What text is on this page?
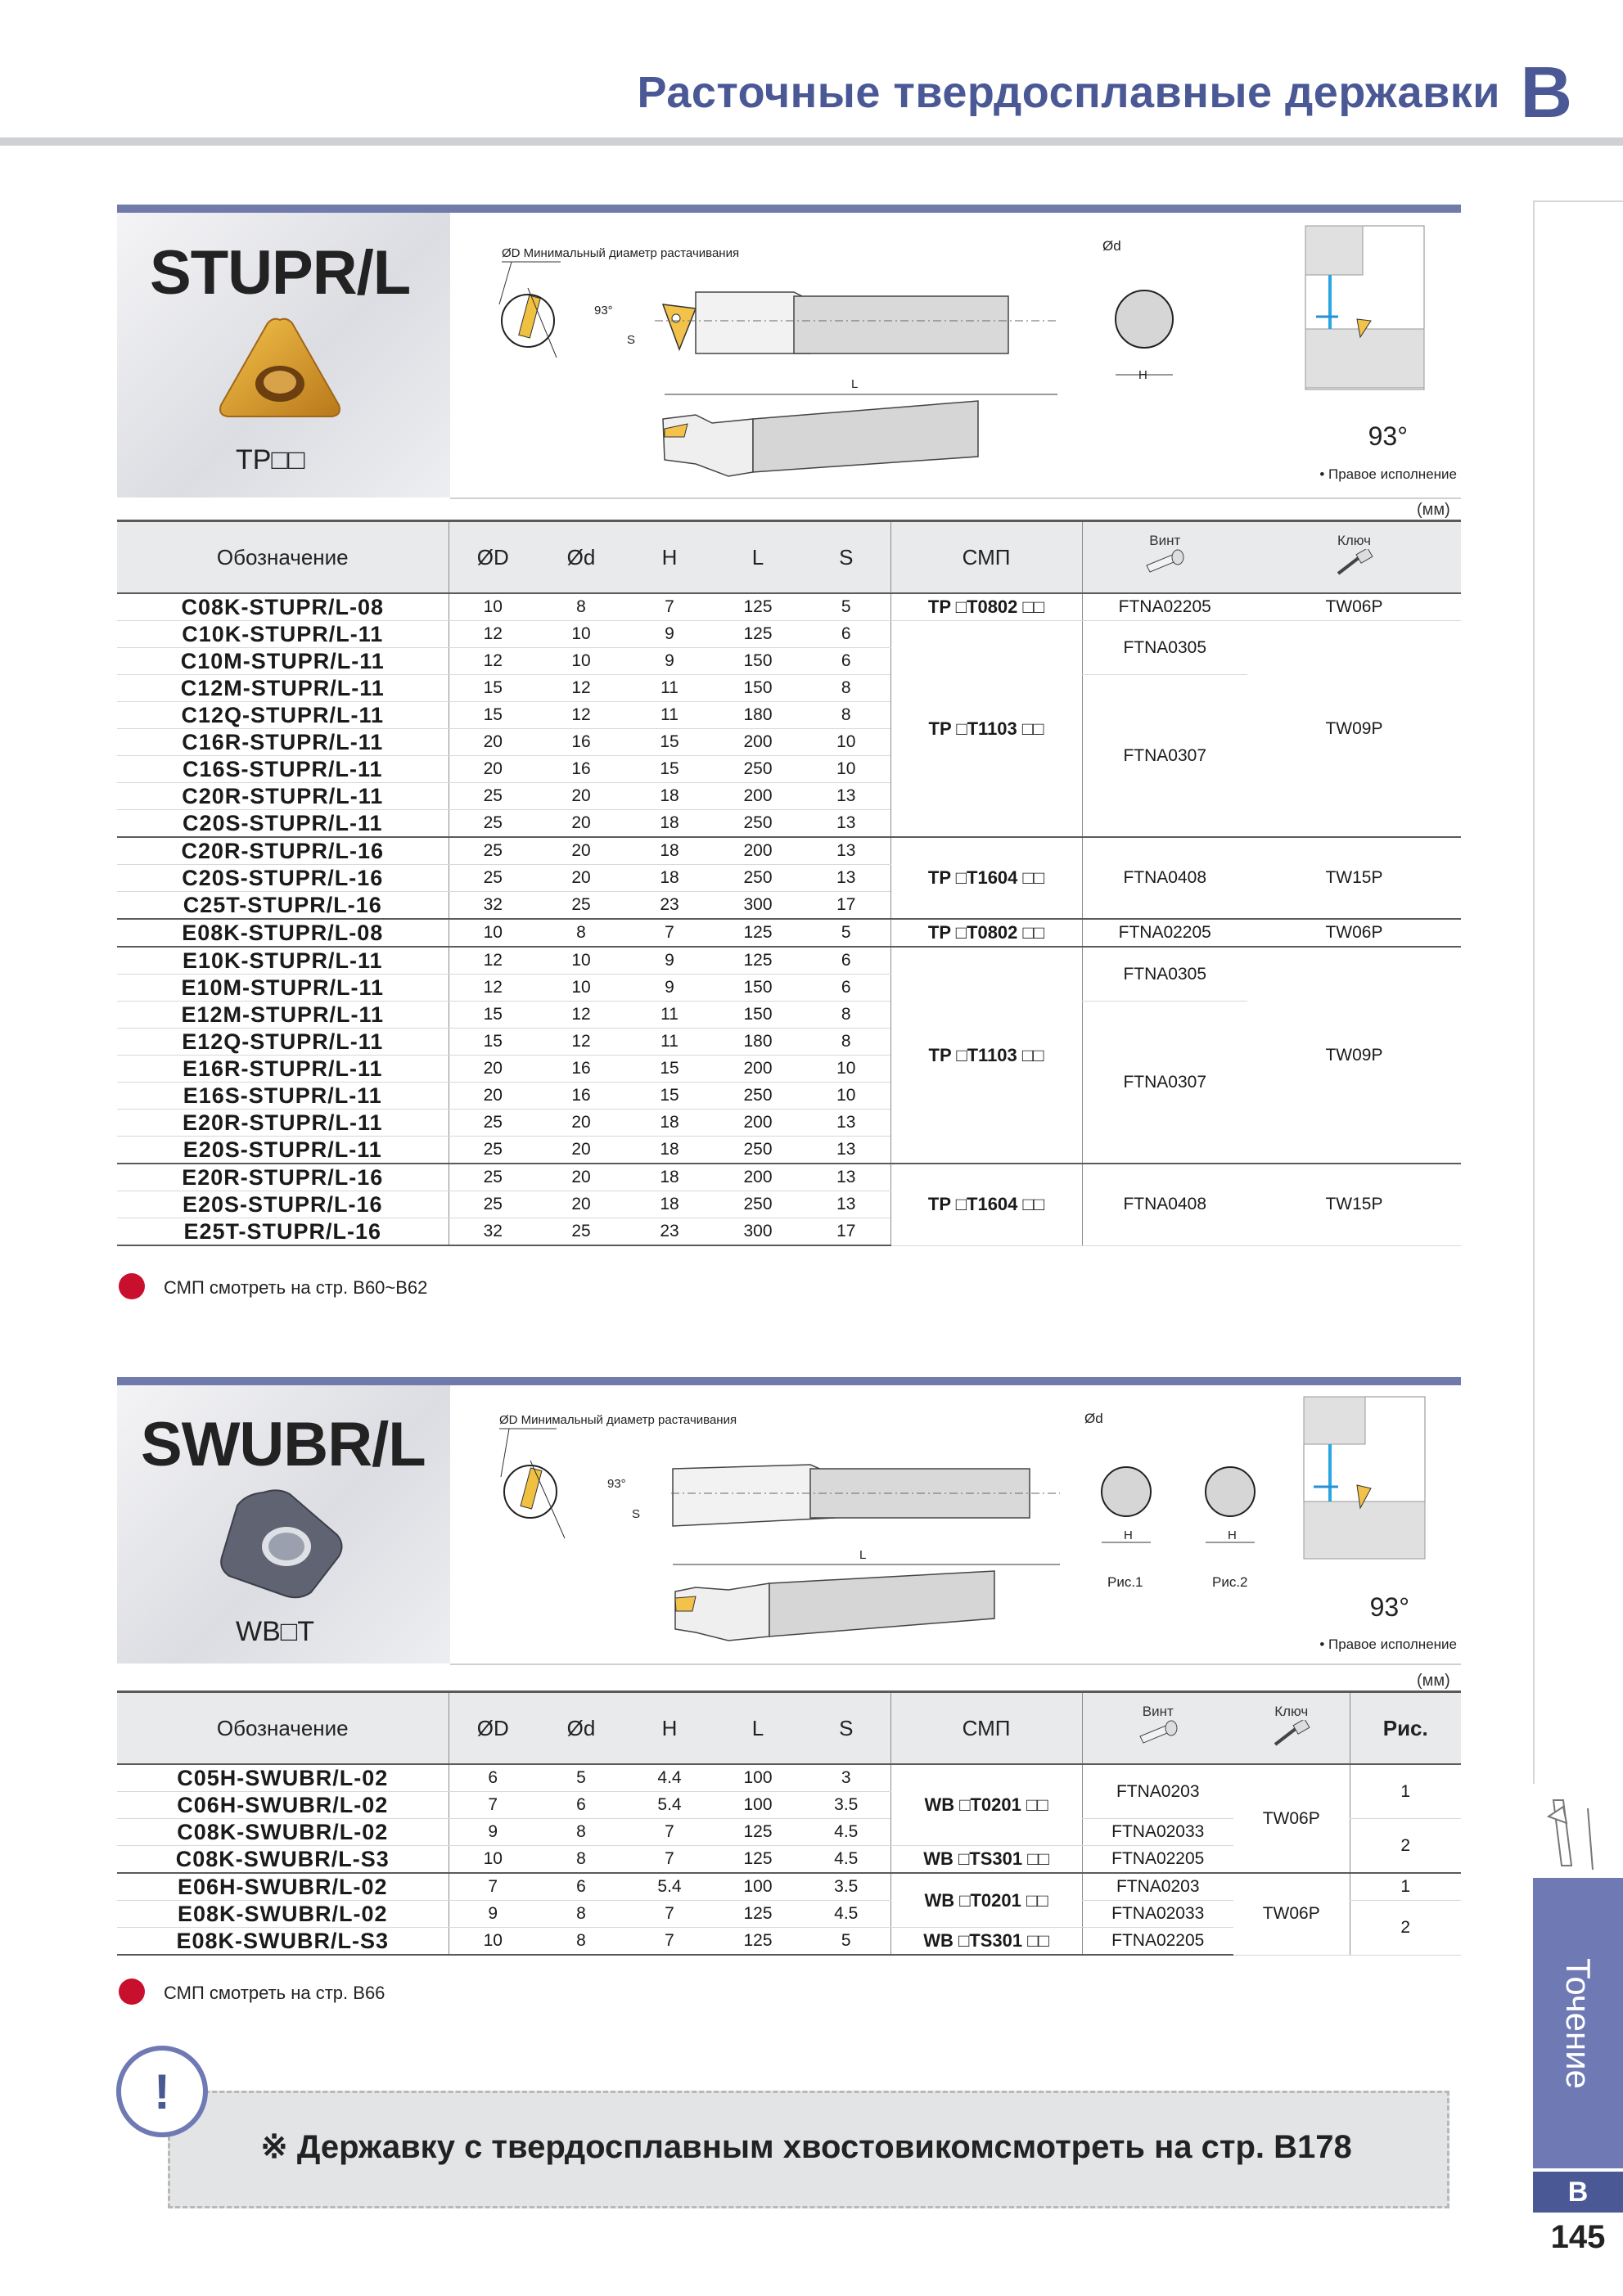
Расточные твердосплавные державки B
Точение
B
145
STUPR/L
TP□□
ØD Минимальный диаметр растачивания
93°
S
L
Ød
H
93°
• Правое исполнение
(мм)
Обозначение	ØD	Ød	H	L	S	СМП	Винт	Ключ

C08K-STUPR/L-08	10	8	7	125	5	TP □T0802 □□	FTNA02205	TW06P
C10K-STUPR/L-11	12	10	9	125	6	TP □T1103 □□	FTNA0305	TW09P
C10M-STUPR/L-11	12	10	9	150	6			
C12M-STUPR/L-11	15	12	11	150	8		FTNA0307	
C12Q-STUPR/L-11	15	12	11	180	8			
C16R-STUPR/L-11	20	16	15	200	10			
C16S-STUPR/L-11	20	16	15	250	10			
C20R-STUPR/L-11	25	20	18	200	13			
C20S-STUPR/L-11	25	20	18	250	13			
C20R-STUPR/L-16	25	20	18	200	13	TP □T1604 □□	FTNA0408	TW15P
C20S-STUPR/L-16	25	20	18	250	13			
C25T-STUPR/L-16	32	25	23	300	17			
E08K-STUPR/L-08	10	8	7	125	5	TP □T0802 □□	FTNA02205	TW06P
E10K-STUPR/L-11	12	10	9	125	6	TP □T1103 □□	FTNA0305	TW09P
E10M-STUPR/L-11	12	10	9	150	6			
E12M-STUPR/L-11	15	12	11	150	8		FTNA0307	
E12Q-STUPR/L-11	15	12	11	180	8			
E16R-STUPR/L-11	20	16	15	200	10			
E16S-STUPR/L-11	20	16	15	250	10			
E20R-STUPR/L-11	25	20	18	200	13			
E20S-STUPR/L-11	25	20	18	250	13			
E20R-STUPR/L-16	25	20	18	200	13	TP □T1604 □□	FTNA0408	TW15P
E20S-STUPR/L-16	25	20	18	250	13			
E25T-STUPR/L-16	32	25	23	300	17			
СМП смотреть на стр. B60~B62
SWUBR/L
WB□T
ØD Минимальный диаметр растачивания
93°
S
L
Ød
H	H
Рис.1	Рис.2
93°
• Правое исполнение
(мм)
Обозначение	ØD	Ød	H	L	S	СМП	Винт	Ключ	Рис.
C05H-SWUBR/L-02	6	5	4.4	100	3	WB □T0201 □□	FTNA0203	TW06P	1
C06H-SWUBR/L-02	7	6	5.4	100	3.5				
C08K-SWUBR/L-02	9	8	7	125	4.5		FTNA02033		2
C08K-SWUBR/L-S3	10	8	7	125	4.5	WB □TS301 □□	FTNA02205		
E06H-SWUBR/L-02	7	6	5.4	100	3.5	WB □T0201 □□	FTNA0203	TW06P	1
E08K-SWUBR/L-02	9	8	7	125	4.5		FTNA02033		2
E08K-SWUBR/L-S3	10	8	7	125	5	WB □TS301 □□	FTNA02205		
СМП смотреть на стр. B66
※ Державку с твердосплавным хвостовикомсмотреть на стр. B178
!
